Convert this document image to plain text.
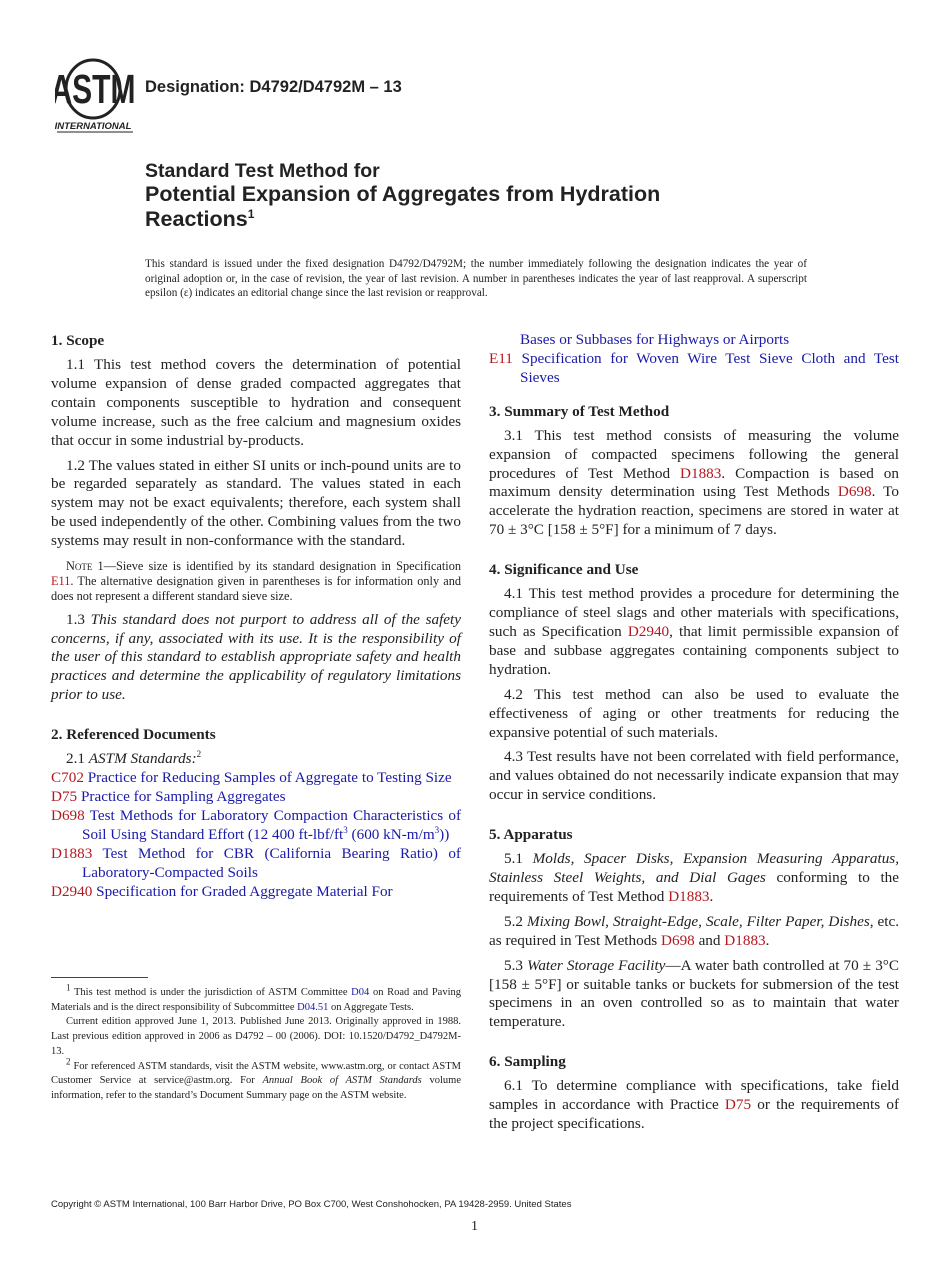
ASTM
INTERNATIONAL
Designation: D4792/D4792M – 13
Standard Test Method for
Potential Expansion of Aggregates from Hydration
Reactions$^1$
This standard is issued under the fixed designation D4792/D4792M; the number immediately following the designation indicates the year of original adoption or, in the case of revision, the year of last revision. A number in parentheses indicates the year of last reapproval. A superscript epsilon (ε) indicates an editorial change since the last revision or reapproval.
1. Scope

1.1 This test method covers the determination of potential volume expansion of dense graded compacted aggregates that contain components susceptible to hydration and consequent volume increase, such as the free calcium and magnesium oxides that occur in some industrial by-products.

1.2 The values stated in either SI units or inch-pound units are to be regarded separately as standard. The values stated in each system may not be exact equivalents; therefore, each system shall be used independently of the other. Combining values from the two systems may result in non-conformance with the standard.

Note 1—Sieve size is identified by its standard designation in Specification E11. The alternative designation given in parentheses is for information only and does not represent a different standard sieve size.

1.3 This standard does not purport to address all of the safety concerns, if any, associated with its use. It is the responsibility of the user of this standard to establish appropriate safety and health practices and determine the applicability of regulatory limitations prior to use.

2. Referenced Documents

2.1 ASTM Standards:$^2$

C702 Practice for Reducing Samples of Aggregate to Testing Size
D75 Practice for Sampling Aggregates
D698 Test Methods for Laboratory Compaction Characteristics of Soil Using Standard Effort (12 400 $ft-lbf/ft^3$ (600 $kN-m/m^3$))
D1883 Test Method for CBR (California Bearing Ratio) of Laboratory-Compacted Soils
D2940 Specification for Graded Aggregate Material For

$^1$ This test method is under the jurisdiction of ASTM Committee D04 on Road and Paving Materials and is the direct responsibility of Subcommittee D04.51 on Aggregate Tests.

Current edition approved June 1, 2013. Published June 2013. Originally approved in 1988. Last previous edition approved in 2006 as D4792 – 00 (2006). DOI: 10.1520/D4792_D4792M-13.

$^2$ For referenced ASTM standards, visit the ASTM website, www.astm.org, or contact ASTM Customer Service at service@astm.org. For Annual Book of ASTM Standards volume information, refer to the standard’s Document Summary page on the ASTM website.

Bases or Subbases for Highways or Airports
E11 Specification for Woven Wire Test Sieve Cloth and Test Sieves
3. Summary of Test Method

3.1 This test method consists of measuring the volume expansion of compacted specimens following the general procedures of Test Method D1883. Compaction is based on maximum density determination using Test Methods D698. To accelerate the hydration reaction, specimens are stored in water at 70 ± 3°C [158 ± 5°F] for a minimum of 7 days.

4. Significance and Use

4.1 This test method provides a procedure for determining the compliance of steel slags and other materials with specifications, such as Specification D2940, that limit permissible expansion of base and subbase aggregates containing components subject to hydration.

4.2 This test method can also be used to evaluate the effectiveness of aging or other treatments for reducing the expansive potential of such materials.

4.3 Test results have not been correlated with field performance, and values obtained do not necessarily indicate expansion that may occur in service conditions.

5. Apparatus

5.1 Molds, Spacer Disks, Expansion Measuring Apparatus, Stainless Steel Weights, and Dial Gages conforming to the requirements of Test Method D1883.

5.2 Mixing Bowl, Straight-Edge, Scale, Filter Paper, Dishes, etc. as required in Test Methods D698 and D1883.

5.3 Water Storage Facility—A water bath controlled at 70 ± 3°C [158 ± 5°F] or suitable tanks or buckets for submersion of the test specimens in an oven controlled so as to maintain that water temperature.

6. Sampling

6.1 To determine compliance with specifications, take field samples in accordance with Practice D75 or the requirements of the project specifications.

Copyright © ASTM International, 100 Barr Harbor Drive, PO Box C700, West Conshohocken, PA 19428-2959. United States
1
